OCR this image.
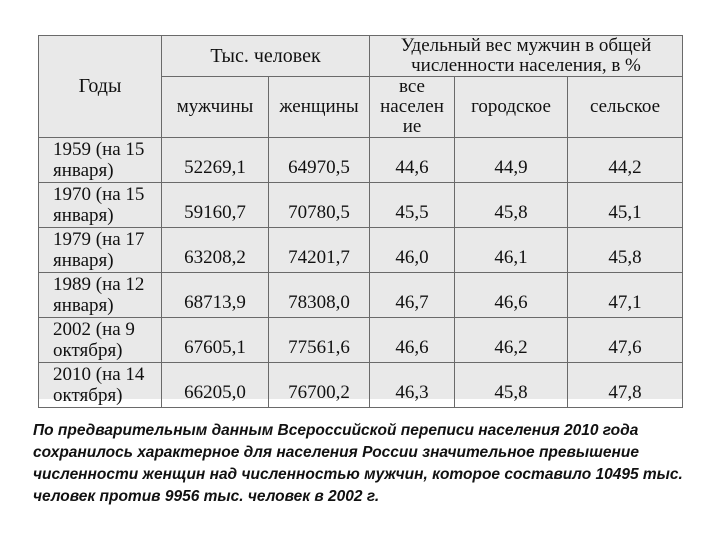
Годы	Тыс. человек		Удельный вес мужчин в общей численности населения, в %		
	мужчины	женщины	все населен ие	городское	сельское
1959 (на 15 января)	52269,1	64970,5	44,6	44,9	44,2
1970 (на 15 января)	59160,7	70780,5	45,5	45,8	45,1
1979 (на 17 января)	63208,2	74201,7	46,0	46,1	45,8
1989 (на 12 января)	68713,9	78308,0	46,7	46,6	47,1
2002 (на 9 октября)	67605,1	77561,6	46,6	46,2	47,6
2010 (на 14 октября)	66205,0	76700,2	46,3	45,8	47,8
По предварительным данным Всероссийской переписи населения 2010 года сохранилось характерное для населения России значительное превышение численности женщин над численностью мужчин, которое составило 10495 тыс. человек против 9956 тыс. человек в 2002 г.
